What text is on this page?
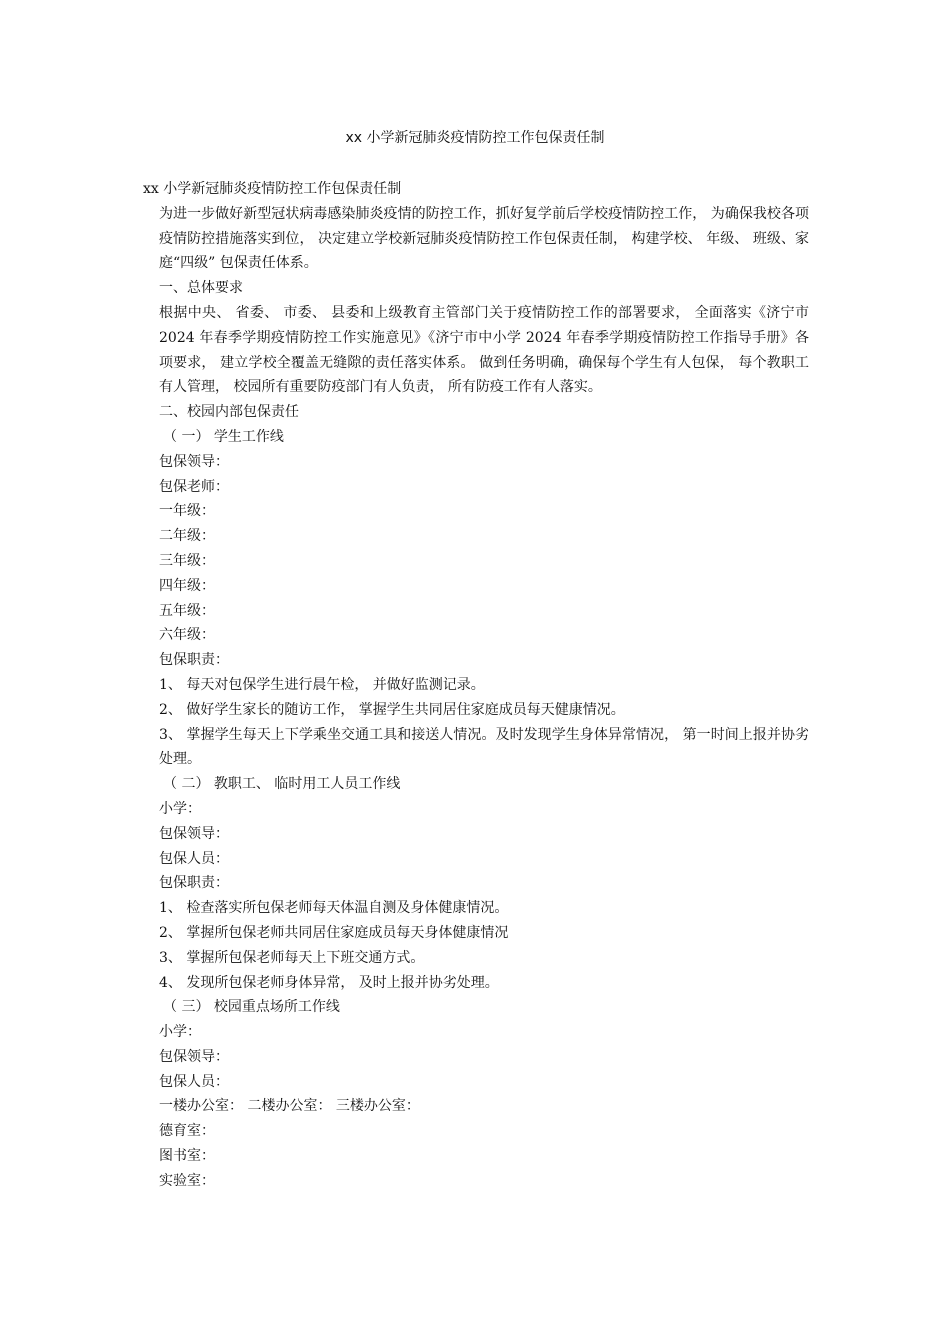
xx 小学新冠肺炎疫情防控工作包保责任制

xx 小学新冠肺炎疫情防控工作包保责任制

为进一步做好新型冠状病毒感染肺炎疫情的防控工作，抓好复学前后学校疫情防控工作， 为确保我校各项疫情防控措施落实到位， 决定建立学校新冠肺炎疫情防控工作包保责任制， 构建学校、 年级、 班级、家庭“四级” 包保责任体系。

一、总体要求

根据中央、 省委、 市委、 县委和上级教育主管部门关于疫情防控工作的部署要求， 全面落实《济宁市 2024 年春季学期疫情防控工作实施意见》《济宁市中小学 2024 年春季学期疫情防控工作指导手册》各项要求， 建立学校全覆盖无缝隙的责任落实体系。 做到任务明确，确保每个学生有人包保， 每个教职工有人管理， 校园所有重要防疫部门有人负责， 所有防疫工作有人落实。

二、校园内部包保责任

（ 一） 学生工作线

包保领导：

包保老师：

一年级：

二年级：

三年级：

四年级：

五年级：

六年级：

包保职责：

1、 每天对包保学生进行晨午检， 并做好监测记录。

2、 做好学生家长的随访工作， 掌握学生共同居住家庭成员每天健康情况。

3、 掌握学生每天上下学乘坐交通工具和接送人情况。及时发现学生身体异常情况， 第一时间上报并协劣处理。

（ 二） 教职工、 临时用工人员工作线

小学：

包保领导：

包保人员：

包保职责：

1、 检查落实所包保老师每天体温自测及身体健康情况。

2、 掌握所包保老师共同居住家庭成员每天身体健康情况

3、 掌握所包保老师每天上下班交通方式。

4、 发现所包保老师身体异常， 及时上报并协劣处理。

（ 三） 校园重点场所工作线

小学：

包保领导：

包保人员：

一楼办公室： 二楼办公室： 三楼办公室：

德育室：

图书室：

实验室：
